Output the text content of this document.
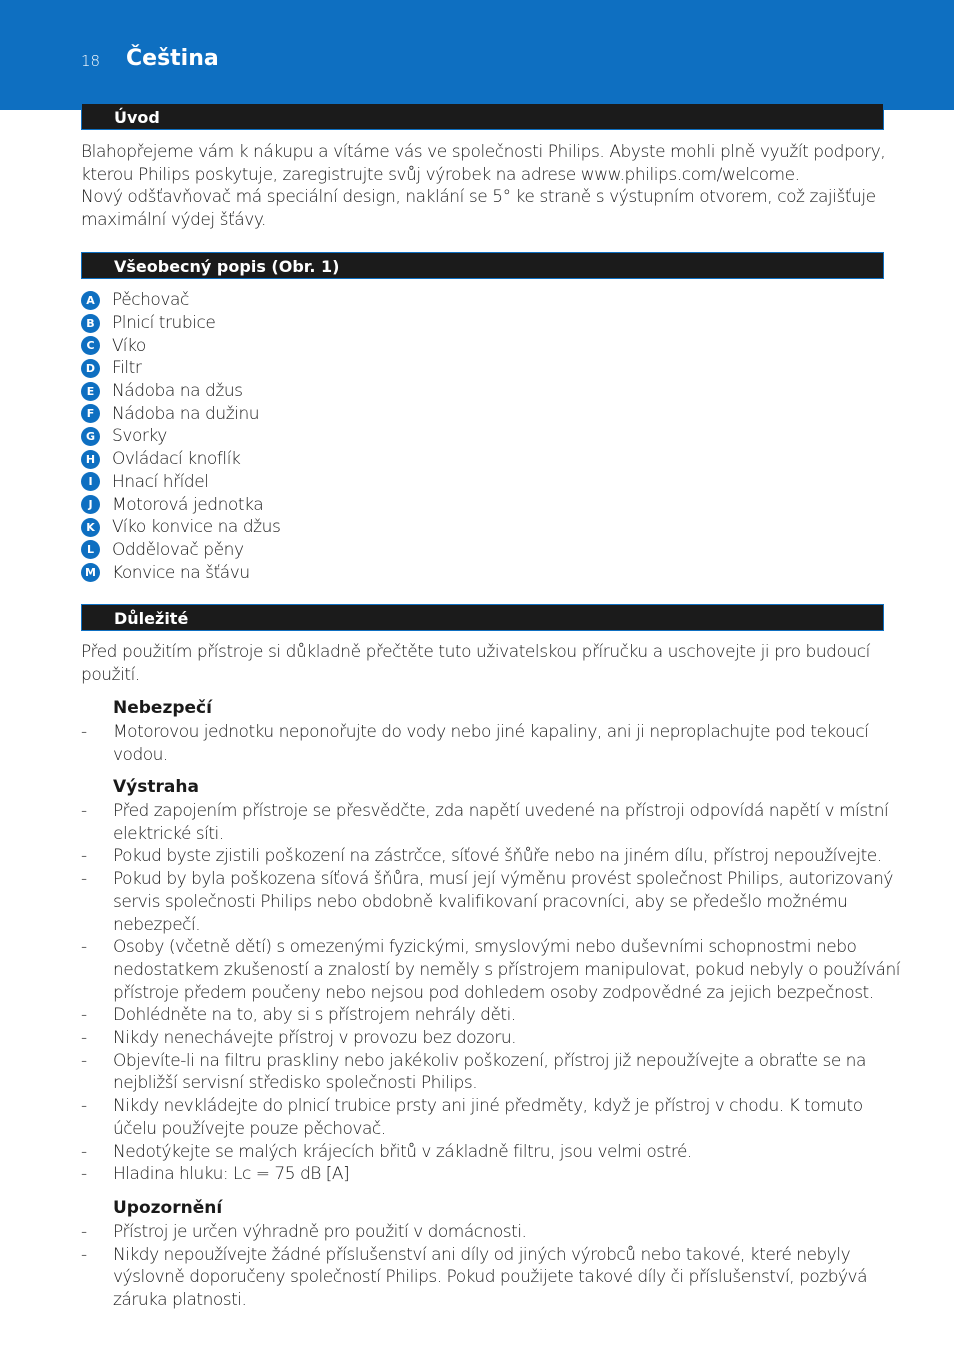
18 Čeština
Úvod
Blahopřejeme vám k nákupu a vítáme vás ve společnosti Philips. Abyste mohli plně využít podpory,
kterou Philips poskytuje, zaregistrujte svůj výrobek na adrese www.philips.com/welcome.
Nový odšťavňovač má speciální design, naklání se 5° ke straně s výstupním otvorem, což zajišťuje
maximální výdej šťávy.
Všeobecný popis (Obr. 1)
A	Pěchovač
B	Plnicí trubice
C	Víko
D Filtr
E	Nádoba na džus
F	Nádoba na dužinu
G Svorky
H Ovládací knoflík
I	Hnací hřídel
J	Motorová jednotka
K	Víko konvice na džus
L	Oddělovač pěny
M Konvice na šťávu
Důležité
Před použitím přístroje si důkladně přečtěte tuto uživatelskou příručku a uschovejte ji pro budoucí
použití.
Nebezpečí
- Motorovou jednotku neponořujte do vody nebo jiné kapaliny, ani ji neproplachujte pod tekoucí
vodou.
Výstraha
- Před zapojením přístroje se přesvědčte, zda napětí uvedené na přístroji odpovídá napětí v místní
elektrické síti.
- Pokud byste zjistili poškození na zástrčce, síťové šňůře nebo na jiném dílu, přístroj nepoužívejte.
- Pokud by byla poškozena síťová šňůra, musí její výměnu provést společnost Philips, autorizovaný
servis společnosti Philips nebo obdobně kvalifikovaní pracovníci, aby se předešlo možnému
nebezpečí.
- Osoby (včetně dětí) s omezenými fyzickými, smyslovými nebo duševními schopnostmi nebo
nedostatkem zkušeností a znalostí by neměly s přístrojem manipulovat, pokud nebyly o používání
přístroje předem poučeny nebo nejsou pod dohledem osoby zodpovědné za jejich bezpečnost.
- Dohlédněte na to, aby si s přístrojem nehrály děti.
- Nikdy nenechávejte přístroj v provozu bez dozoru.
- Objevíte-li na filtru praskliny nebo jakékoliv poškození, přístroj již nepoužívejte a obraťte se na
nejbližší servisní středisko společnosti Philips.
- Nikdy nevkládejte do plnicí trubice prsty ani jiné předměty, když je přístroj v chodu. K tomuto
účelu používejte pouze pěchovač.
- Nedotýkejte se malých krájecích břitů v základně filtru, jsou velmi ostré.
- Hladina hluku: Lc = 75 dB [A]
Upozornění
- Přístroj je určen výhradně pro použití v domácnosti.
- Nikdy nepoužívejte žádné příslušenství ani díly od jiných výrobců nebo takové, které nebyly
výslovně doporučeny společností Philips. Pokud použijete takové díly či příslušenství, pozbývá
záruka platnosti.
